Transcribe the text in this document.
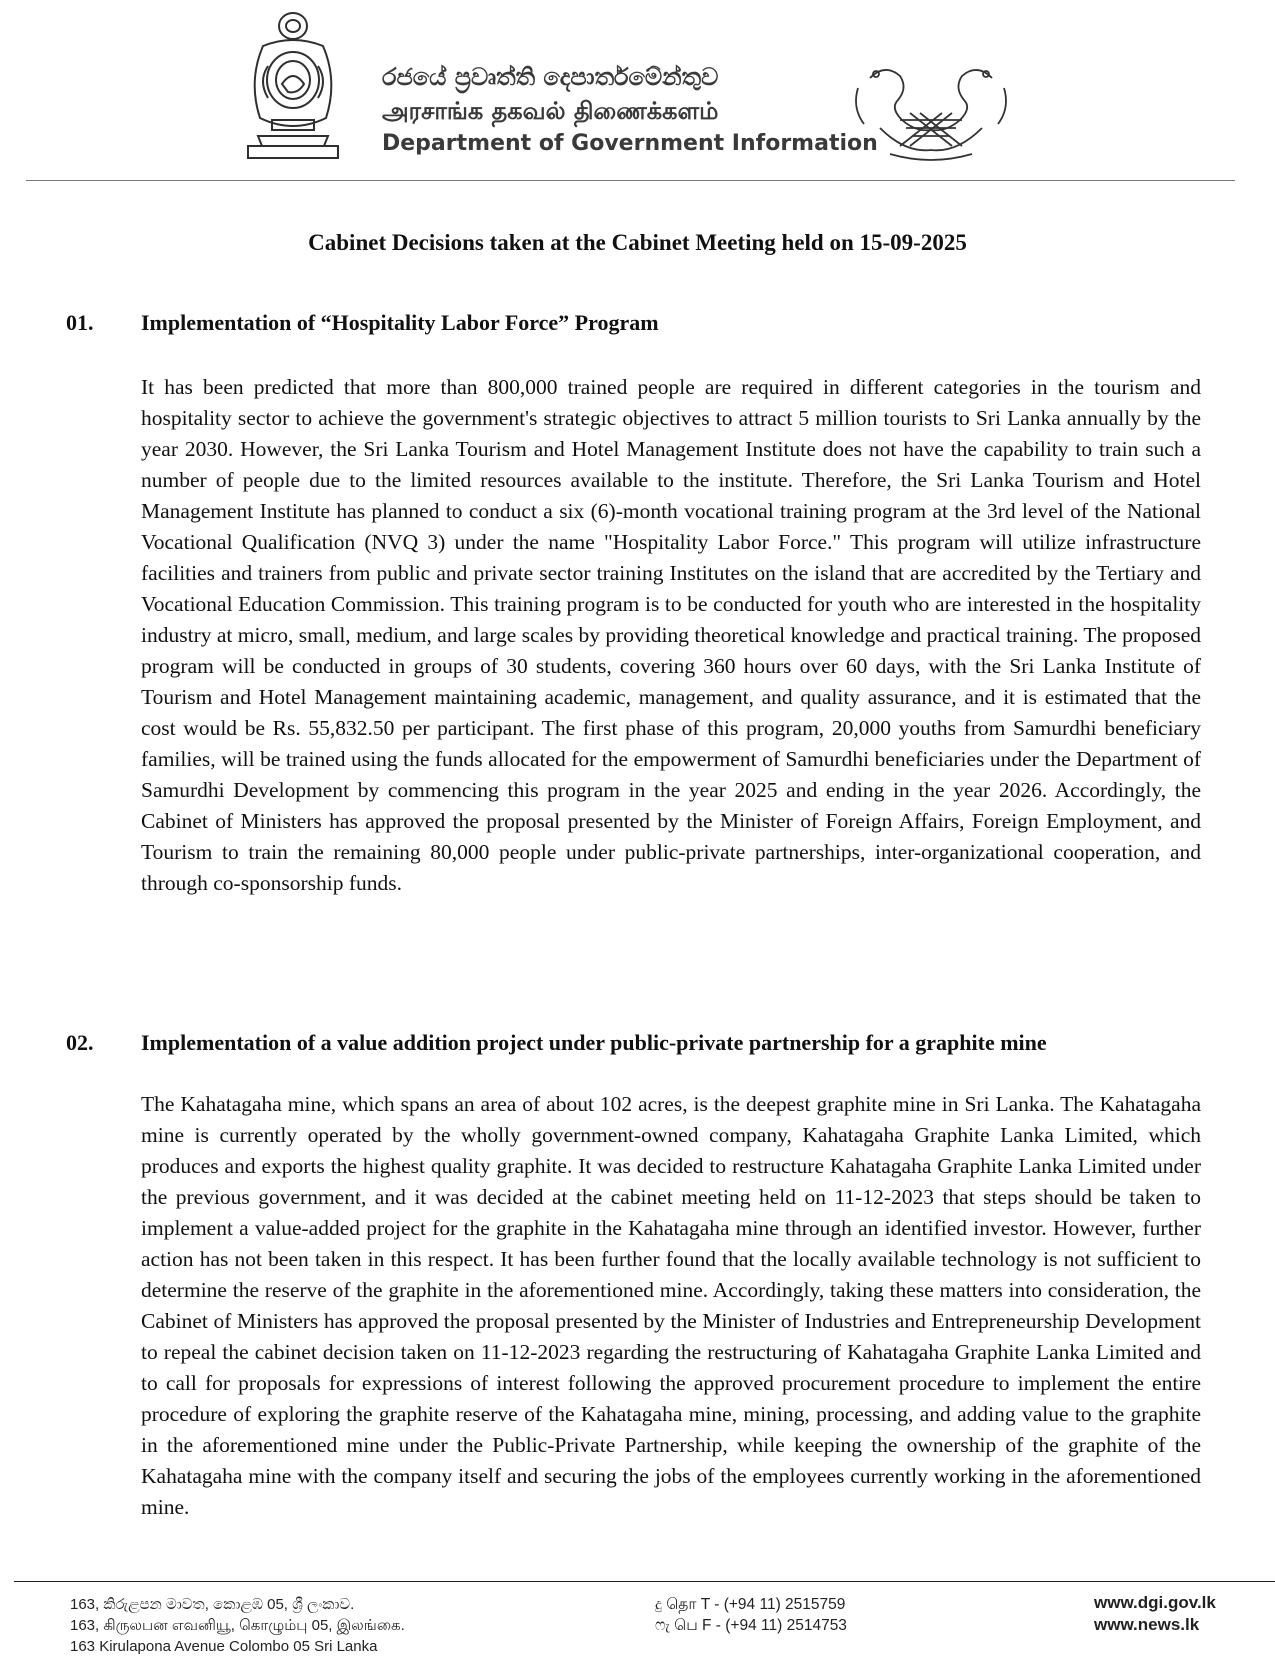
රජයේ ප්‍රවෘත්ති දෙපාර්තමේන්තුව
அரசாங்க தகவல் திணைக்களம்
Department of Government Information
Cabinet Decisions taken at the Cabinet Meeting held on 15-09-2025
01. Implementation of “Hospitality Labor Force” Program
It has been predicted that more than 800,000 trained people are required in different categories in the tourism and hospitality sector to achieve the government's strategic objectives to attract 5 million tourists to Sri Lanka annually by the year 2030. However, the Sri Lanka Tourism and Hotel Management Institute does not have the capability to train such a number of people due to the limited resources available to the institute. Therefore, the Sri Lanka Tourism and Hotel Management Institute has planned to conduct a six (6)-month vocational training program at the 3rd level of the National Vocational Qualification (NVQ 3) under the name "Hospitality Labor Force." This program will utilize infrastructure facilities and trainers from public and private sector training Institutes on the island that are accredited by the Tertiary and Vocational Education Commission. This training program is to be conducted for youth who are interested in the hospitality industry at micro, small, medium, and large scales by providing theoretical knowledge and practical training. The proposed program will be conducted in groups of 30 students, covering 360 hours over 60 days, with the Sri Lanka Institute of Tourism and Hotel Management maintaining academic, management, and quality assurance, and it is estimated that the cost would be Rs. 55,832.50 per participant. The first phase of this program, 20,000 youths from Samurdhi beneficiary families, will be trained using the funds allocated for the empowerment of Samurdhi beneficiaries under the Department of Samurdhi Development by commencing this program in the year 2025 and ending in the year 2026. Accordingly, the Cabinet of Ministers has approved the proposal presented by the Minister of Foreign Affairs, Foreign Employment, and Tourism to train the remaining 80,000 people under public-private partnerships, inter-organizational cooperation, and through co-sponsorship funds.
02. Implementation of a value addition project under public-private partnership for a graphite mine
The Kahatagaha mine, which spans an area of about 102 acres, is the deepest graphite mine in Sri Lanka. The Kahatagaha mine is currently operated by the wholly government-owned company, Kahatagaha Graphite Lanka Limited, which produces and exports the highest quality graphite. It was decided to restructure Kahatagaha Graphite Lanka Limited under the previous government, and it was decided at the cabinet meeting held on 11-12-2023 that steps should be taken to implement a value-added project for the graphite in the Kahatagaha mine through an identified investor. However, further action has not been taken in this respect. It has been further found that the locally available technology is not sufficient to determine the reserve of the graphite in the aforementioned mine. Accordingly, taking these matters into consideration, the Cabinet of Ministers has approved the proposal presented by the Minister of Industries and Entrepreneurship Development to repeal the cabinet decision taken on 11-12-2023 regarding the restructuring of Kahatagaha Graphite Lanka Limited and to call for proposals for expressions of interest following the approved procurement procedure to implement the entire procedure of exploring the graphite reserve of the Kahatagaha mine, mining, processing, and adding value to the graphite in the aforementioned mine under the Public-Private Partnership, while keeping the ownership of the graphite of the Kahatagaha mine with the company itself and securing the jobs of the employees currently working in the aforementioned mine.
163, කිරුළපන මාවත, කොළඹ 05, ශ්‍රී ලංකාව.
163, கிருலபன எவனியூ, கொழும்பு 05, இலங்கை.
163 Kirulapona Avenue Colombo 05 Sri Lanka
දු தொ T - (+94 11) 2515759
ෆැ பெ F - (+94 11) 2514753
www.dgi.gov.lk
www.news.lk
